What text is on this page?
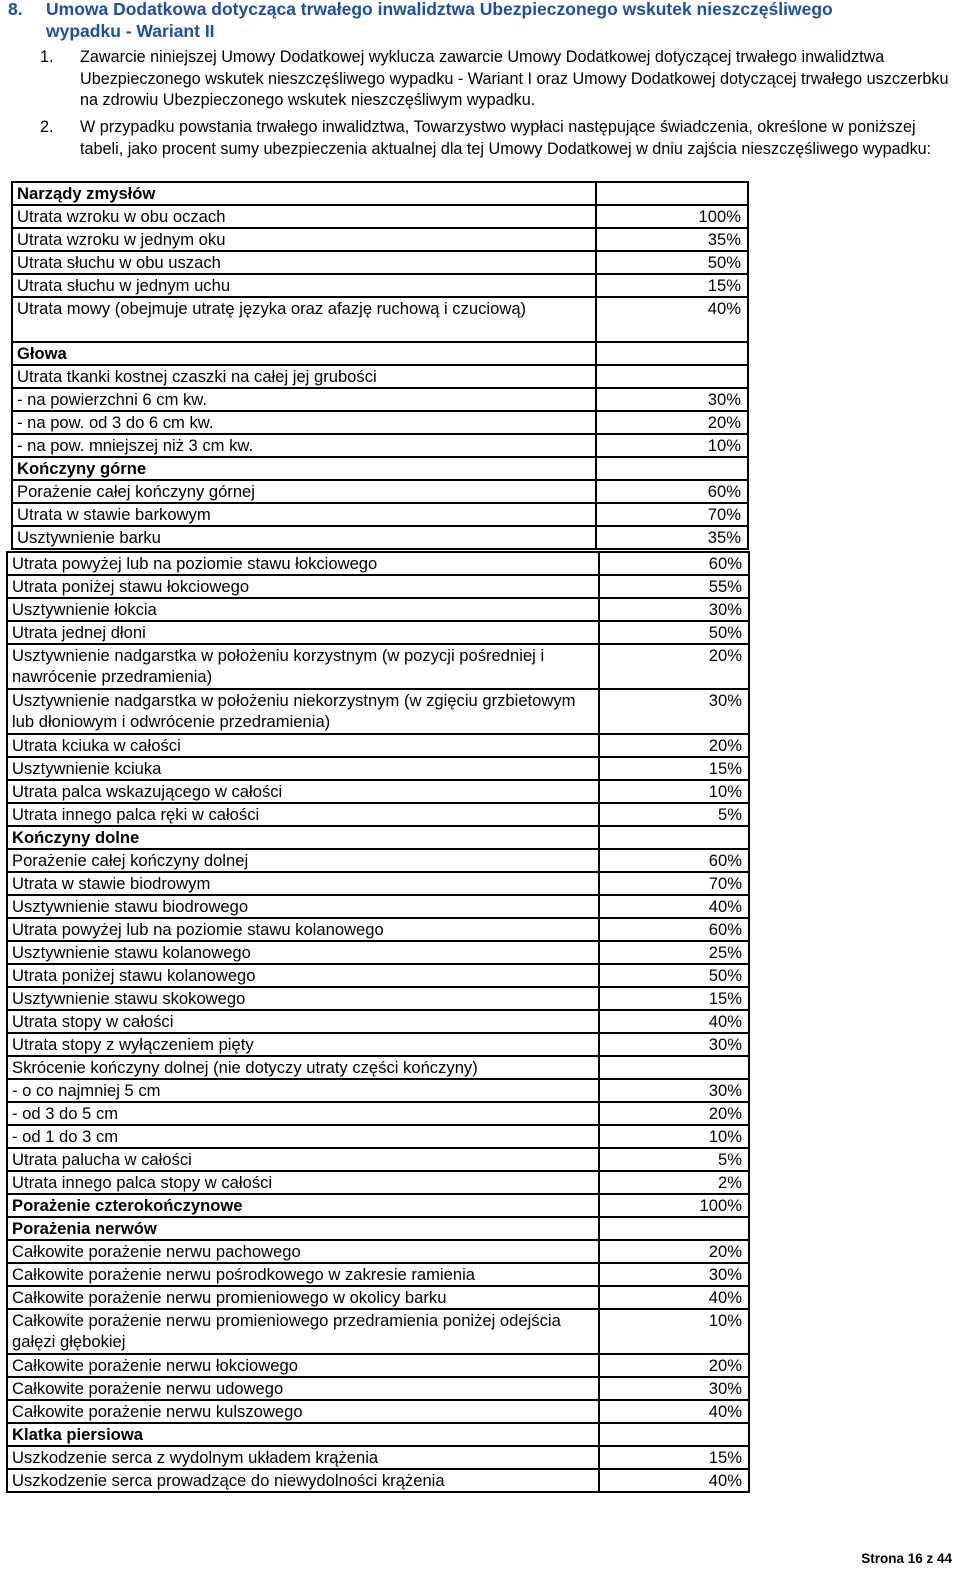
8. Umowa Dodatkowa dotycząca trwałego inwalidztwa Ubezpieczonego wskutek nieszczęśliwego
wypadku - Wariant II
1. Zawarcie niniejszej Umowy Dodatkowej wyklucza zawarcie Umowy Dodatkowej dotyczącej trwałego inwalidztwa Ubezpieczonego wskutek nieszczęśliwego wypadku - Wariant I oraz Umowy Dodatkowej dotyczącej trwałego uszczerbku na zdrowiu Ubezpieczonego wskutek nieszczęśliwym wypadku.
2. W przypadku powstania trwałego inwalidztwa, Towarzystwo wypłaci następujące świadczenia, określone w poniższej tabeli, jako procent sumy ubezpieczenia aktualnej dla tej Umowy Dodatkowej w dniu zajścia nieszczęśliwego wypadku:
Narządy zmysłów	
Utrata wzroku w obu oczach	100%
Utrata wzroku w jednym oku	35%
Utrata słuchu w obu uszach	50%
Utrata słuchu w jednym uchu	15%
Utrata mowy (obejmuje utratę języka oraz afazję ruchową i czuciową)	40%
Głowa	
Utrata tkanki kostnej czaszki na całej jej grubości	
- na powierzchni 6 cm kw.	30%
- na pow. od 3 do 6 cm kw.	20%
- na pow. mniejszej niż 3 cm kw.	10%
Kończyny górne	
Porażenie całej kończyny górnej	60%
Utrata w stawie barkowym	70%
Usztywnienie barku	35%
Utrata powyżej lub na poziomie stawu łokciowego	60%
Utrata poniżej stawu łokciowego	55%
Usztywnienie łokcia	30%
Utrata jednej dłoni	50%
Usztywnienie nadgarstka w położeniu korzystnym (w pozycji pośredniej i nawrócenie przedramienia)	20%
Usztywnienie nadgarstka w położeniu niekorzystnym (w zgięciu grzbietowym lub dłoniowym i odwrócenie przedramienia)	30%
Utrata kciuka w całości	20%
Usztywnienie kciuka	15%
Utrata palca wskazującego w całości	10%
Utrata innego palca ręki w całości	5%
Kończyny dolne	
Porażenie całej kończyny dolnej	60%
Utrata w stawie biodrowym	70%
Usztywnienie stawu biodrowego	40%
Utrata powyżej lub na poziomie stawu kolanowego	60%
Usztywnienie stawu kolanowego	25%
Utrata poniżej stawu kolanowego	50%
Usztywnienie stawu skokowego	15%
Utrata stopy w całości	40%
Utrata stopy z wyłączeniem pięty	30%
Skrócenie kończyny dolnej (nie dotyczy utraty części kończyny)	
- o co najmniej 5 cm	30%
- od 3 do 5 cm	20%
- od 1 do 3 cm	10%
Utrata palucha w całości	5%
Utrata innego palca stopy w całości	2%
Porażenie czterokończynowe	100%
Porażenia nerwów	
Całkowite porażenie nerwu pachowego	20%
Całkowite porażenie nerwu pośrodkowego w zakresie ramienia	30%
Całkowite porażenie nerwu promieniowego w okolicy barku	40%
Całkowite porażenie nerwu promieniowego przedramienia poniżej odejścia gałęzi głębokiej	10%
Całkowite porażenie nerwu łokciowego	20%
Całkowite porażenie nerwu udowego	30%
Całkowite porażenie nerwu kulszowego	40%
Klatka piersiowa	
Uszkodzenie serca z wydolnym układem krążenia	15%
Uszkodzenie serca prowadzące do niewydolności krążenia	40%
Strona 16 z 44
